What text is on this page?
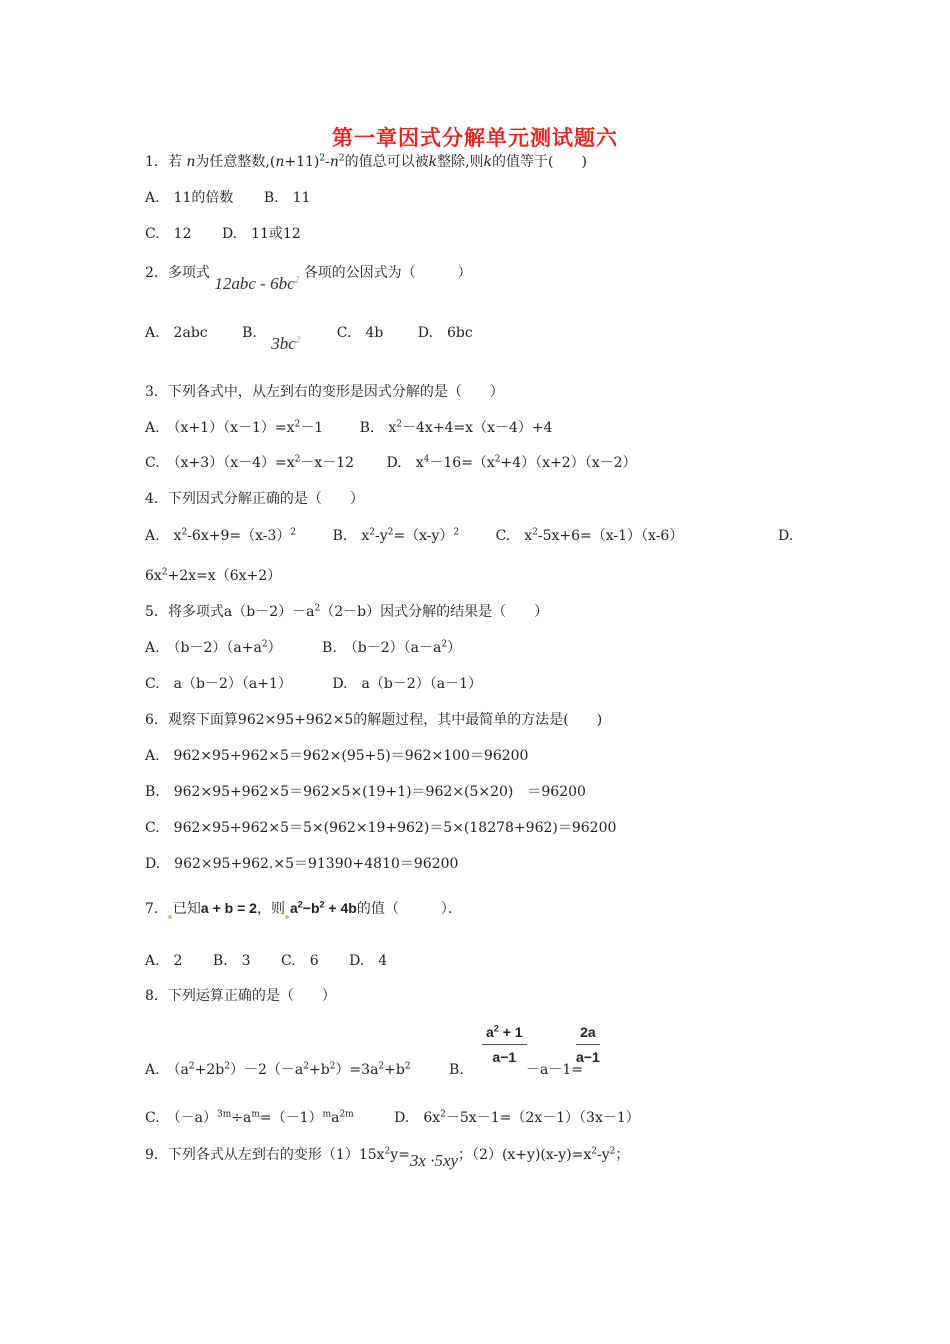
第一章因式分解单元测试题六
1．若 n为任意整数$,(n+11)^2-n^2$的值总可以被k整除,则k的值等于(　　)
A.　11的倍数 B.　11
C.　12 D.　11或12
2．多项式 $12abc - 6bc^2$ 各项的公因式为（　　　）
A.　2abc B. $3bc^2$	C.　4b D.　6bc
3．下列各式中，从左到右的变形是因式分解的是（　　）
A.　$(x+1)(x-1)=x^2-1$	B.　$x^2-4x+4=x(x-4)+4$
C.　$(x+3)(x-4)=x^2-x-12$ D.　$x^4-16=(x^2+4)(x+2)(x-2)$
4．下列因式分解正确的是（　　）
A.　$x^2-6x+9=(x-3)^2$	B.　$x^2-y^2=(x-y)^2$	C.　$x^2-5x+6=(x-1)(x-6)$	D.
$6x^2+2x=x(6x+2)$
5．将多项式$a(b-2)-a^2(2-b)$因式分解的结果是（　　）
A.　$(b-2)(a+a^2)$	B.　$(b-2)(a-a^2)$
C.　a（b－2）（a+1）	D.　a（b－2）（a－1）
6．观察下面算962×95+962×5的解题过程，其中最简单的方法是(　　)
A.　962×95+962×5＝962×(95+5)＝962×100＝96200
B.　962×95+962×5＝962×5×(19+1)＝962×(5×20)　＝96200
C.　962×95+962×5＝5×(962×19+962)＝5×(18278+962)＝96200
D.　962×95+962.×5＝91390+4810＝96200
7． 已知a + b = 2，则 $a^2-b^2 + 4b$的值（　　　）．
A.　2 B.　3 C.　6 D.　4
8．下列运算正确的是（　　）
A.　$(a^2+2b^2)-2(-a^2+b^2)=3a^2+b^2$	B.
$\frac{a^2 + 1}{a-1}$
－a－1=
$\frac{2a}{a-1}$
C.　$(-a)^{3m}\div a^m=(-1)^ma^{2m}$	D.　$6x^2-5x-1=(2x-1)(3x-1)$
9．下列各式从左到右的变形$(1)15x^2y=3x \cdot 5xy$；$(2)(x+y)(x-y)=x^2-y^2$；
